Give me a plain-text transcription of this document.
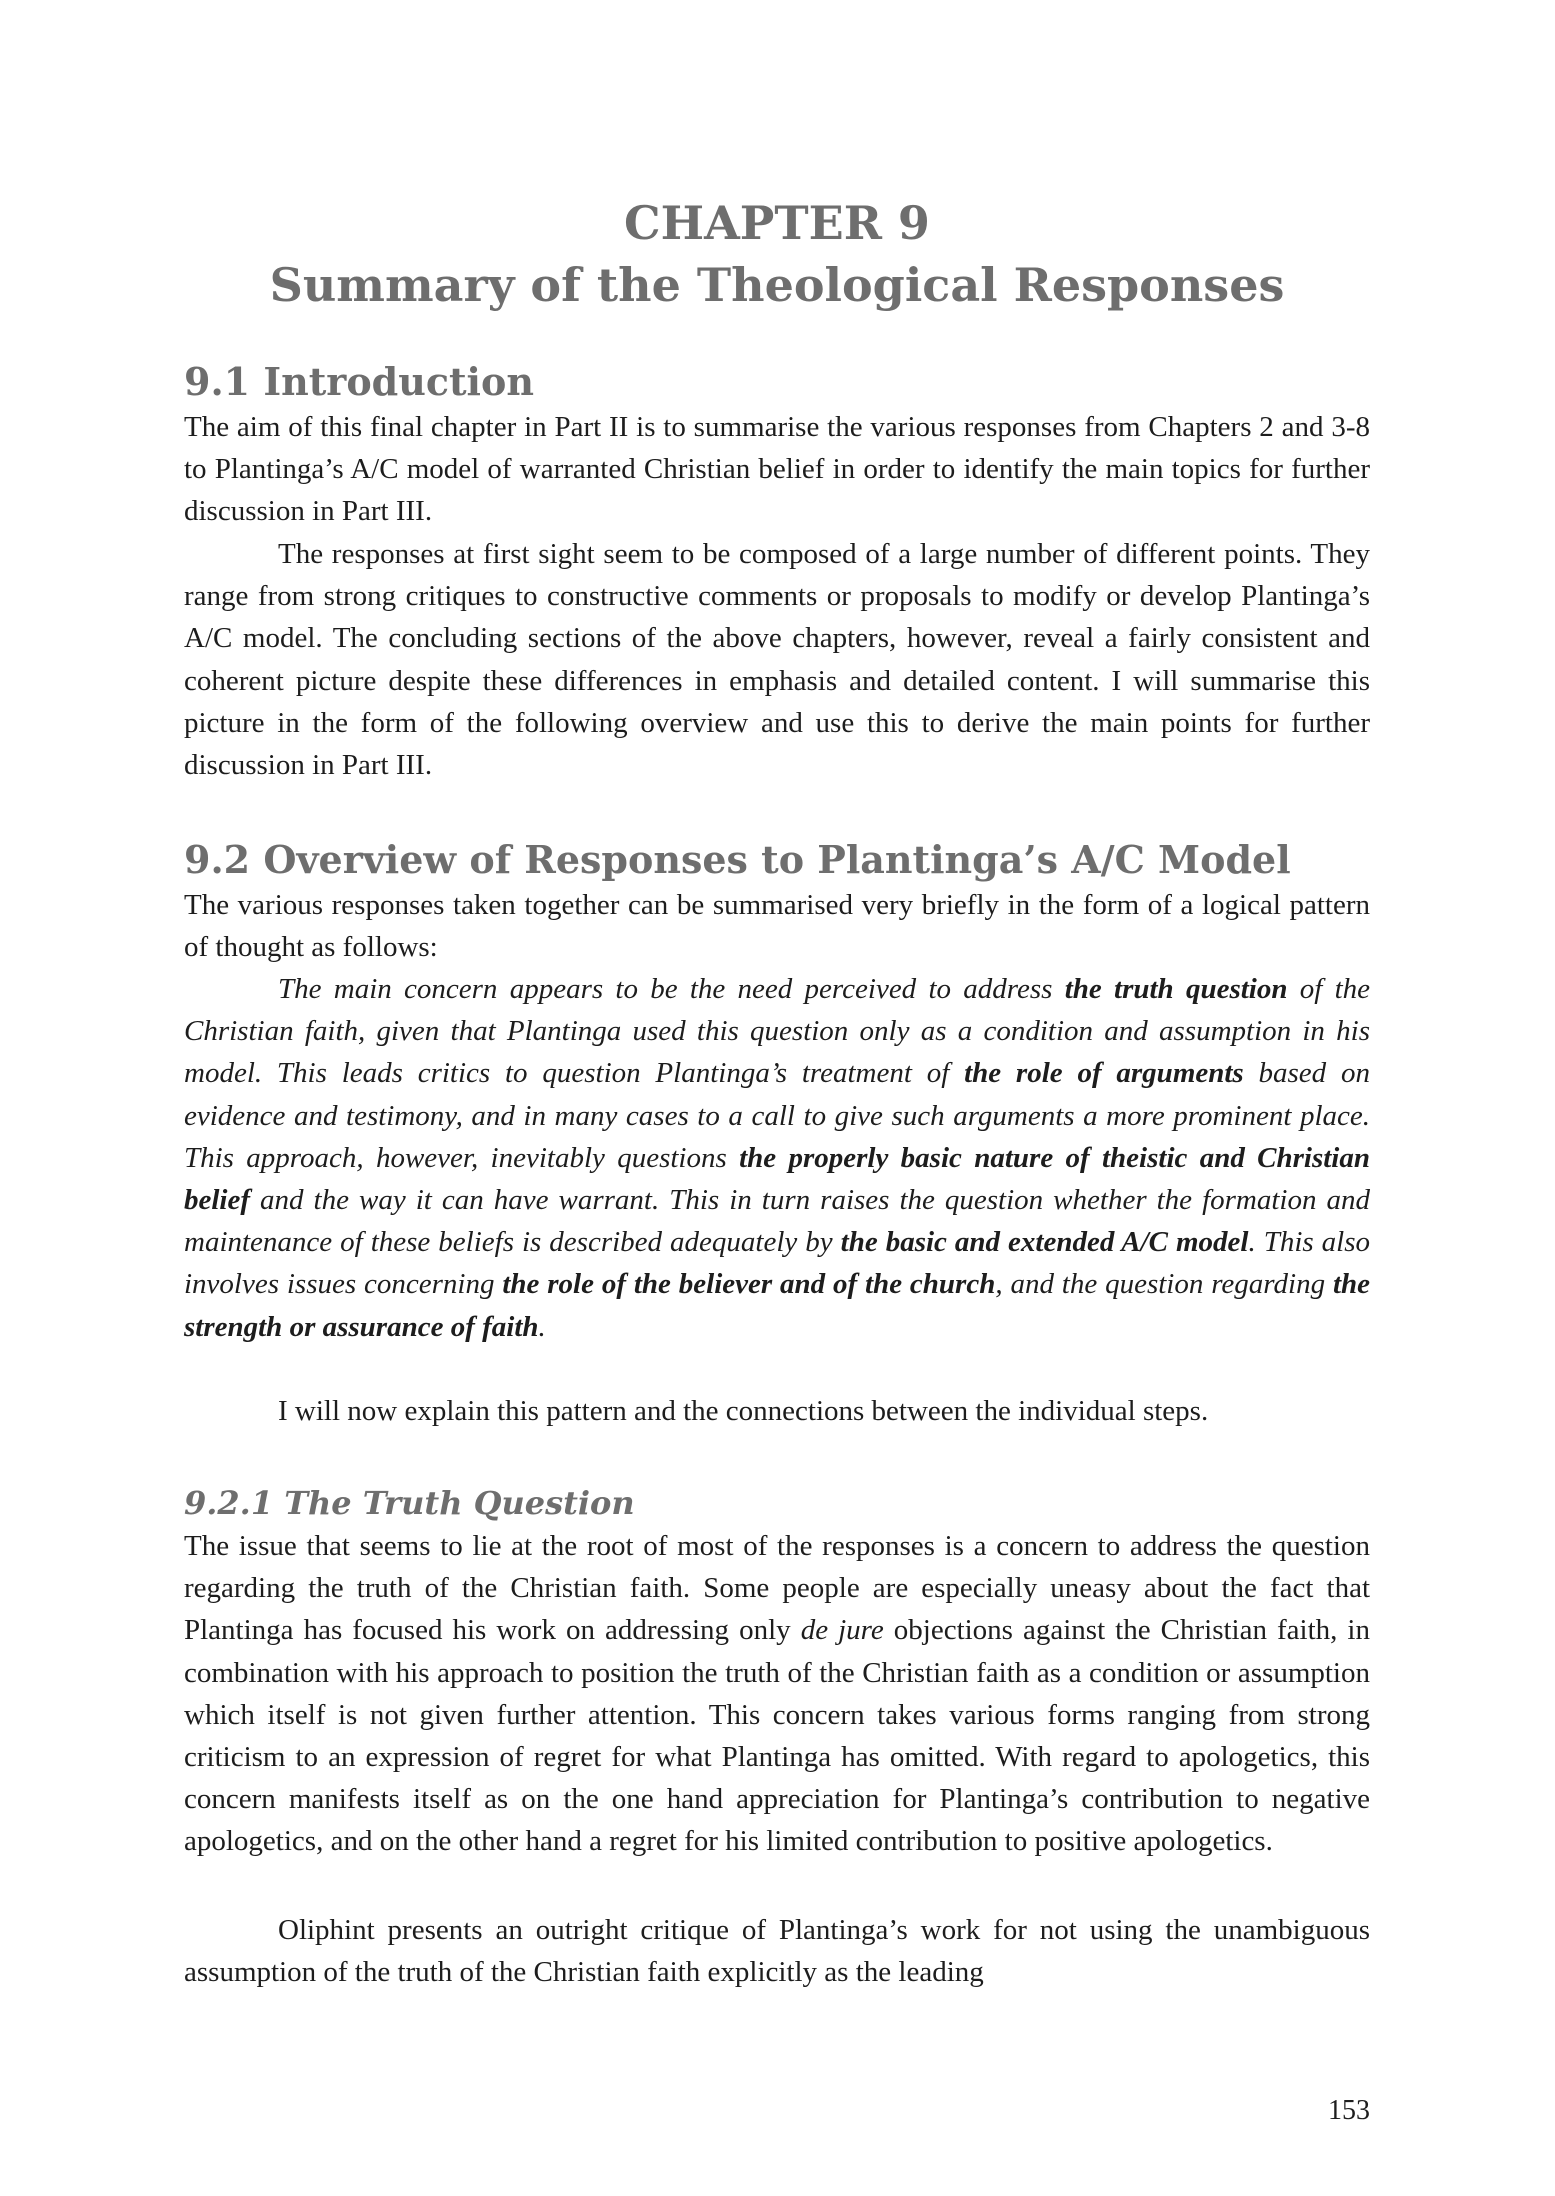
CHAPTER 9
Summary of the Theological Responses
9.1 Introduction

The aim of this final chapter in Part II is to summarise the various responses from Chapters 2 and 3-8 to Plantinga’s A/C model of warranted Christian belief in order to identify the main topics for further discussion in Part III.

The responses at first sight seem to be composed of a large number of different points. They range from strong critiques to constructive comments or proposals to modify or develop Plantinga’s A/C model. The concluding sections of the above chapters, however, reveal a fairly consistent and coherent picture despite these differences in emphasis and detailed content. I will summarise this picture in the form of the following overview and use this to derive the main points for further discussion in Part III.

9.2 Overview of Responses to Plantinga’s A/C Model

The various responses taken together can be summarised very briefly in the form of a logical pattern of thought as follows:

The main concern appears to be the need perceived to address the truth question of the Christian faith, given that Plantinga used this question only as a condition and assumption in his model. This leads critics to question Plantinga’s treatment of the role of arguments based on evidence and testimony, and in many cases to a call to give such arguments a more prominent place. This approach, however, inevitably questions the properly basic nature of theistic and Christian belief and the way it can have warrant. This in turn raises the question whether the formation and maintenance of these beliefs is described adequately by the basic and extended A/C model. This also involves issues concerning the role of the believer and of the church, and the question regarding the strength or assurance of faith.

I will now explain this pattern and the connections between the individual steps.

9.2.1 The Truth Question

The issue that seems to lie at the root of most of the responses is a concern to address the question regarding the truth of the Christian faith. Some people are especially uneasy about the fact that Plantinga has focused his work on addressing only de jure objections against the Christian faith, in combination with his approach to position the truth of the Christian faith as a condition or assumption which itself is not given further attention. This concern takes various forms ranging from strong criticism to an expression of regret for what Plantinga has omitted. With regard to apologetics, this concern manifests itself as on the one hand appreciation for Plantinga’s contribution to negative apologetics, and on the other hand a regret for his limited contribution to positive apologetics.

Oliphint presents an outright critique of Plantinga’s work for not using the unambiguous assumption of the truth of the Christian faith explicitly as the leading

153
